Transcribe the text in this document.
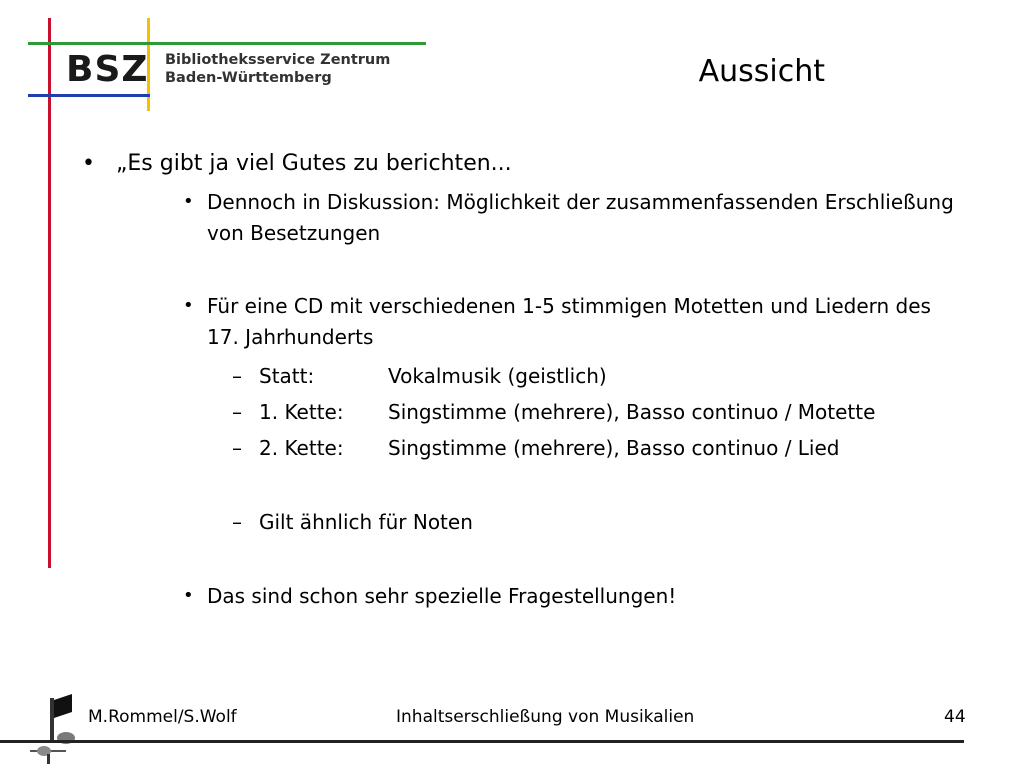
BSZ Bibliotheksservice Zentrum
Baden-Württemberg	Aussicht
• „Es gibt ja viel Gutes zu berichten...
• Dennoch in Diskussion: Möglichkeit der zusammenfassenden Erschließung von Besetzungen
• Für eine CD mit verschiedenen 1-5 stimmigen Motetten und Liedern des 17. Jahrhunderts
– Statt:	Vokalmusik (geistlich)
– 1. Kette:	Singstimme (mehrere), Basso continuo / Motette
– 2. Kette:	Singstimme (mehrere), Basso continuo / Lied
– Gilt ähnlich für Noten
• Das sind schon sehr spezielle Fragestellungen!
M.Rommel/S.Wolf	Inhaltserschließung von Musikalien	44
